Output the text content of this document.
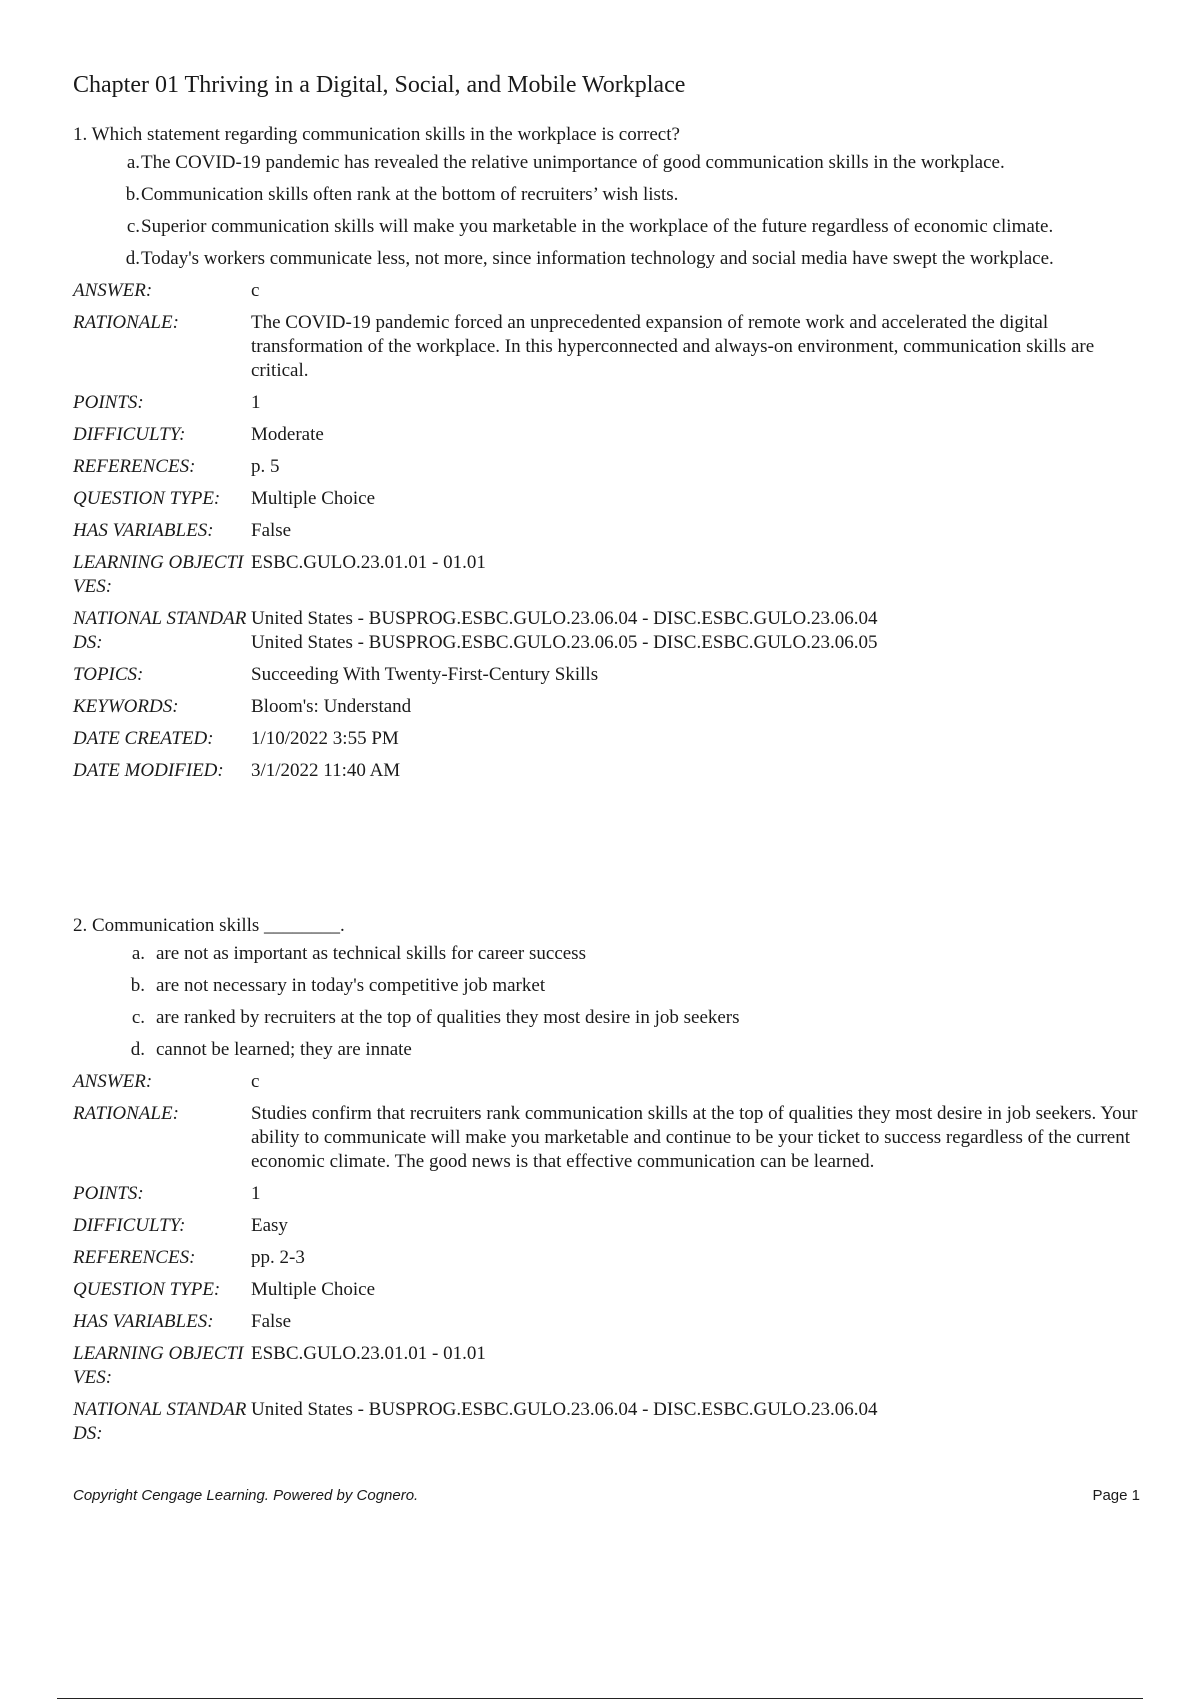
Chapter 01 Thriving in a Digital, Social, and Mobile Workplace
1. Which statement regarding communication skills in the workplace is correct?
a. The COVID-19 pandemic has revealed the relative unimportance of good communication skills in the workplace.
b. Communication skills often rank at the bottom of recruiters’ wish lists.
c. Superior communication skills will make you marketable in the workplace of the future regardless of economic climate.
d. Today's workers communicate less, not more, since information technology and social media have swept the workplace.
ANSWER:	c
RATIONALE:	The COVID-19 pandemic forced an unprecedented expansion of remote work and accelerated the digital transformation of the workplace. In this hyperconnected and always-on environment, communication skills are critical.
POINTS:	1
DIFFICULTY:	Moderate
REFERENCES:	p. 5
QUESTION TYPE:	Multiple Choice
HAS VARIABLES:	False
LEARNING OBJECTIVES:
ESBC.GULO.23.01.01 - 01.01
NATIONAL STANDARDS:
United States - BUSPROG.ESBC.GULO.23.06.04 - DISC.ESBC.GULO.23.06.04
United States - BUSPROG.ESBC.GULO.23.06.05 - DISC.ESBC.GULO.23.06.05
TOPICS:	Succeeding With Twenty-First-Century Skills
KEYWORDS:	Bloom's: Understand
DATE CREATED:	1/10/2022 3:55 PM
DATE MODIFIED:	3/1/2022 11:40 AM
2. Communication skills ________.
a. are not as important as technical skills for career success
b. are not necessary in today's competitive job market
c. are ranked by recruiters at the top of qualities they most desire in job seekers
d. cannot be learned; they are innate
ANSWER:	c
RATIONALE:	Studies confirm that recruiters rank communication skills at the top of qualities they most desire in job seekers. Your ability to communicate will make you marketable and continue to be your ticket to success regardless of the current economic climate. The good news is that effective communication can be learned.
POINTS:	1
DIFFICULTY:	Easy
REFERENCES:	pp. 2-3
QUESTION TYPE:	Multiple Choice
HAS VARIABLES:	False
LEARNING OBJECTIVES:
ESBC.GULO.23.01.01 - 01.01
NATIONAL STANDARDS:
United States - BUSPROG.ESBC.GULO.23.06.04 - DISC.ESBC.GULO.23.06.04
Copyright Cengage Learning. Powered by Cognero.	Page 1
